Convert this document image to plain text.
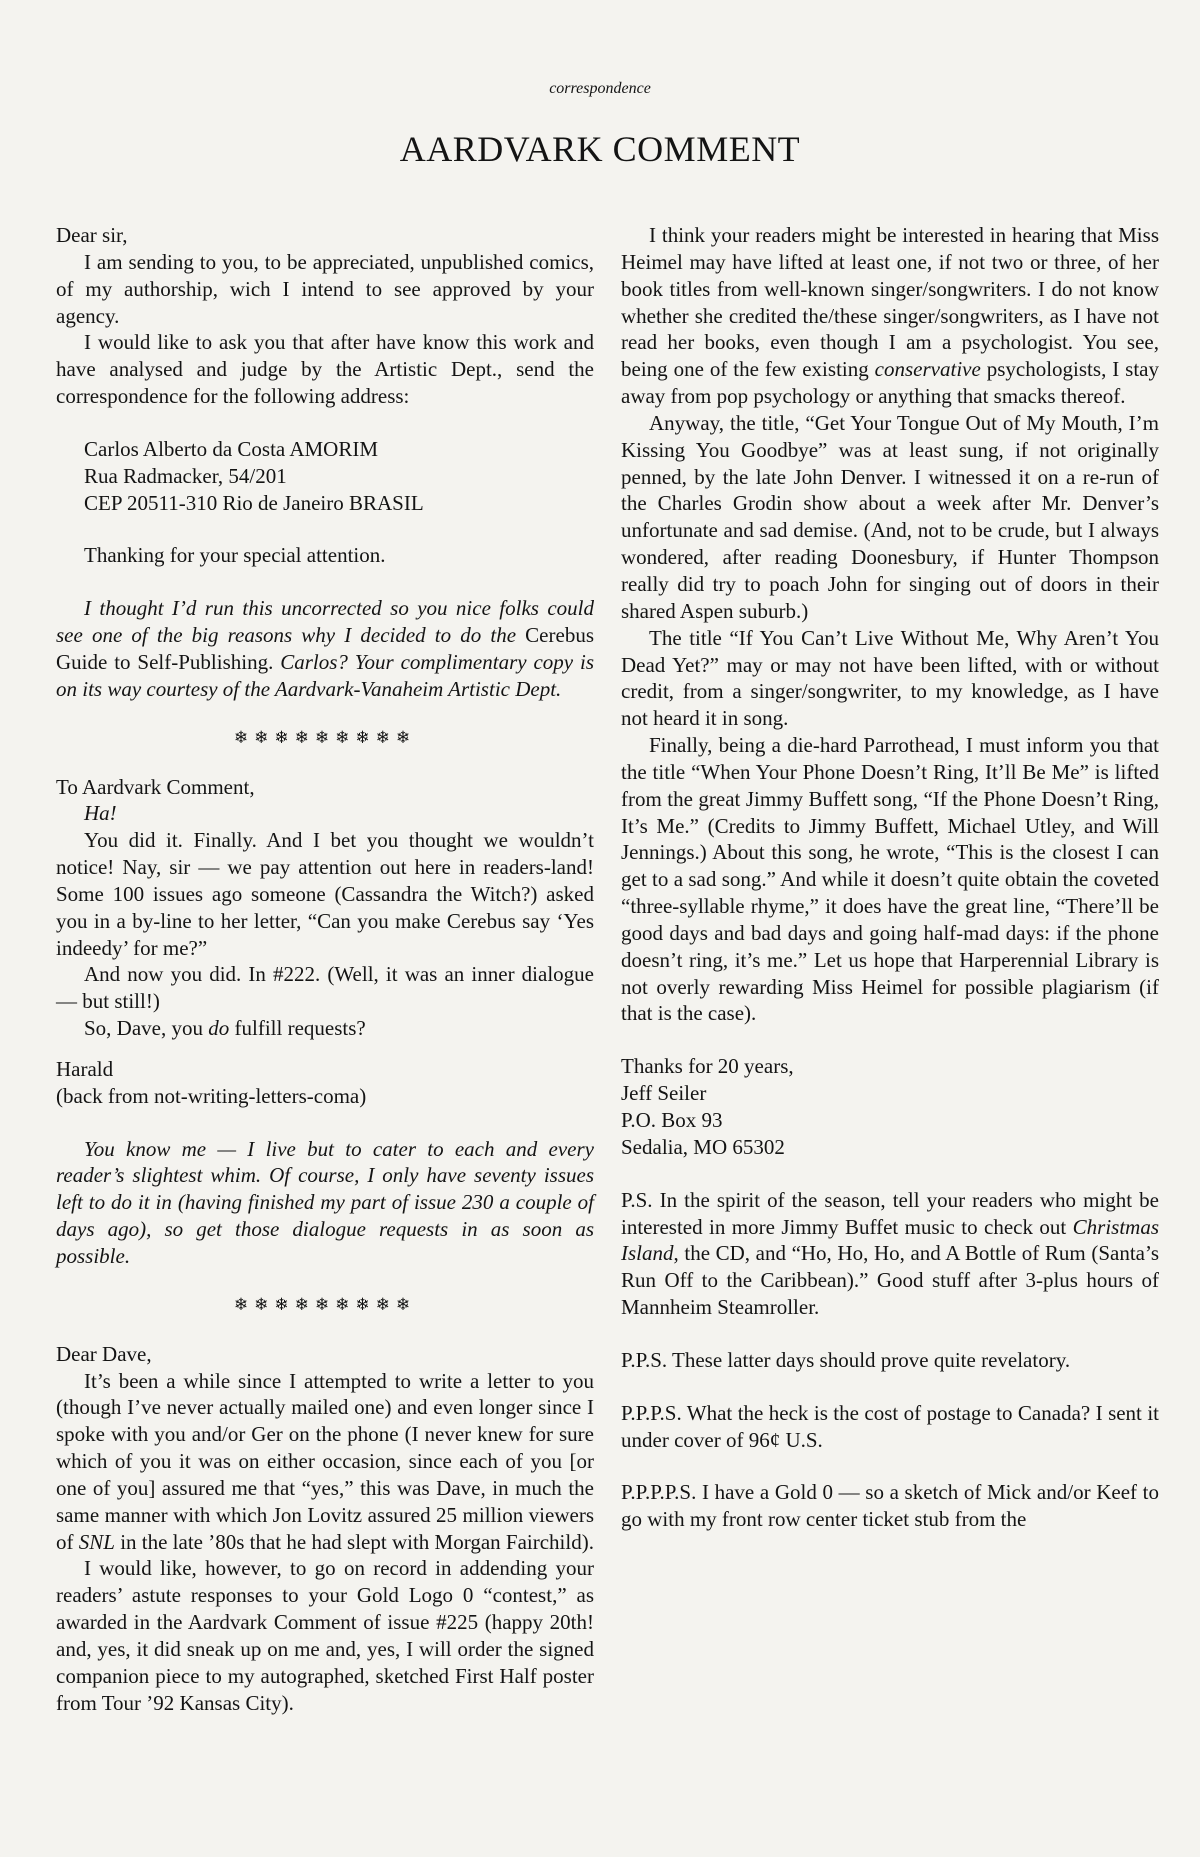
correspondence
AARDVARK COMMENT

Dear sir,

I am sending to you, to be appreciated, unpublished comics, of my authorship, wich I intend to see approved by your agency.

I would like to ask you that after have know this work and have analysed and judge by the Artistic Dept., send the correspondence for the following address:

Carlos Alberto da Costa AMORIM

Rua Radmacker, 54/201

CEP 20511-310 Rio de Janeiro BRASIL

Thanking for your special attention.

I thought I’d run this uncorrected so you nice folks could see one of the big reasons why I decided to do the Cerebus Guide to Self-Publishing. Carlos? Your complimentary copy is on its way courtesy of the Aardvark-Vanaheim Artistic Dept.

❄❄❄❄❄❄❄❄❄

To Aardvark Comment,

Ha!

You did it. Finally. And I bet you thought we wouldn’t notice! Nay, sir — we pay attention out here in readers-land! Some 100 issues ago someone (Cassandra the Witch?) asked you in a by-line to her letter, “Can you make Cerebus say ‘Yes indeedy’ for me?”

And now you did. In #222. (Well, it was an inner dialogue — but still!)

So, Dave, you do fulfill requests?

Harald

(back from not-writing-letters-coma)

You know me — I live but to cater to each and every reader’s slightest whim. Of course, I only have seventy issues left to do it in (having finished my part of issue 230 a couple of days ago), so get those dialogue requests in as soon as possible.

❄❄❄❄❄❄❄❄❄

Dear Dave,

It’s been a while since I attempted to write a letter to you (though I’ve never actually mailed one) and even longer since I spoke with you and/or Ger on the phone (I never knew for sure which of you it was on either occasion, since each of you [or one of you] assured me that “yes,” this was Dave, in much the same manner with which Jon Lovitz assured 25 million viewers of SNL in the late ’80s that he had slept with Morgan Fairchild).

I would like, however, to go on record in addending your readers’ astute responses to your Gold Logo 0 “contest,” as awarded in the Aardvark Comment of issue #225 (happy 20th! and, yes, it did sneak up on me and, yes, I will order the signed companion piece to my autographed, sketched First Half poster from Tour ’92 Kansas City).

I think your readers might be interested in hearing that Miss Heimel may have lifted at least one, if not two or three, of her book titles from well-known singer/songwriters. I do not know whether she credited the/these singer/songwriters, as I have not read her books, even though I am a psychologist. You see, being one of the few existing conservative psychologists, I stay away from pop psychology or anything that smacks thereof.

Anyway, the title, “Get Your Tongue Out of My Mouth, I’m Kissing You Goodbye” was at least sung, if not originally penned, by the late John Denver. I witnessed it on a re-run of the Charles Grodin show about a week after Mr. Denver’s unfortunate and sad demise. (And, not to be crude, but I always wondered, after reading Doonesbury, if Hunter Thompson really did try to poach John for singing out of doors in their shared Aspen suburb.)

The title “If You Can’t Live Without Me, Why Aren’t You Dead Yet?” may or may not have been lifted, with or without credit, from a singer/songwriter, to my knowledge, as I have not heard it in song.

Finally, being a die-hard Parrothead, I must inform you that the title “When Your Phone Doesn’t Ring, It’ll Be Me” is lifted from the great Jimmy Buffett song, “If the Phone Doesn’t Ring, It’s Me.” (Credits to Jimmy Buffett, Michael Utley, and Will Jennings.) About this song, he wrote, “This is the closest I can get to a sad song.” And while it doesn’t quite obtain the coveted “three-syllable rhyme,” it does have the great line, “There’ll be good days and bad days and going half-mad days: if the phone doesn’t ring, it’s me.” Let us hope that Harperennial Library is not overly rewarding Miss Heimel for possible plagiarism (if that is the case).

Thanks for 20 years,

Jeff Seiler

P.O. Box 93

Sedalia, MO 65302

P.S. In the spirit of the season, tell your readers who might be interested in more Jimmy Buffet music to check out Christmas Island, the CD, and “Ho, Ho, Ho, and A Bottle of Rum (Santa’s Run Off to the Caribbean).” Good stuff after 3-plus hours of Mannheim Steamroller.

P.P.S. These latter days should prove quite revelatory.

P.P.P.S. What the heck is the cost of postage to Canada? I sent it under cover of 96¢ U.S.

P.P.P.P.S. I have a Gold 0 — so a sketch of Mick and/or Keef to go with my front row center ticket stub from the
